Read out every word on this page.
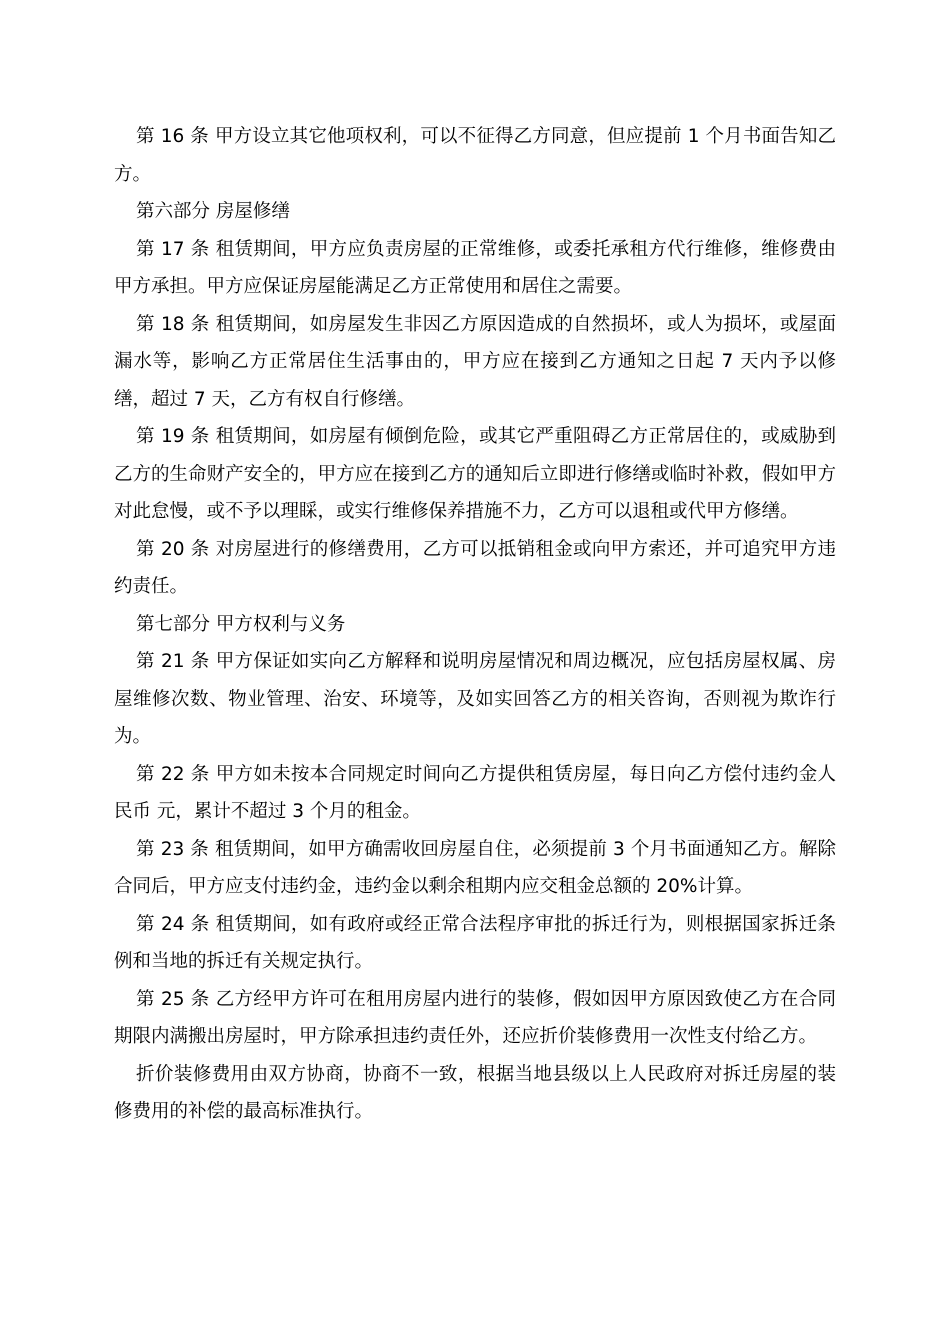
第 16 条 甲方设立其它他项权利，可以不征得乙方同意，但应提前 1 个月书面告知乙方。

第六部分 房屋修缮

第 17 条 租赁期间，甲方应负责房屋的正常维修，或委托承租方代行维修，维修费由甲方承担。甲方应保证房屋能满足乙方正常使用和居住之需要。

第 18 条 租赁期间，如房屋发生非因乙方原因造成的自然损坏，或人为损坏，或屋面漏水等，影响乙方正常居住生活事由的，甲方应在接到乙方通知之日起 7 天内予以修缮，超过 7 天，乙方有权自行修缮。

第 19 条 租赁期间，如房屋有倾倒危险，或其它严重阻碍乙方正常居住的，或威胁到乙方的生命财产安全的，甲方应在接到乙方的通知后立即进行修缮或临时补救，假如甲方对此怠慢，或不予以理睬，或实行维修保养措施不力，乙方可以退租或代甲方修缮。

第 20 条 对房屋进行的修缮费用，乙方可以抵销租金或向甲方索还，并可追究甲方违约责任。

第七部分 甲方权利与义务

第 21 条 甲方保证如实向乙方解释和说明房屋情况和周边概况，应包括房屋权属、房屋维修次数、物业管理、治安、环境等，及如实回答乙方的相关咨询，否则视为欺诈行为。

第 22 条 甲方如未按本合同规定时间向乙方提供租赁房屋，每日向乙方偿付违约金人民币 元，累计不超过 3 个月的租金。

第 23 条 租赁期间，如甲方确需收回房屋自住，必须提前 3 个月书面通知乙方。解除合同后，甲方应支付违约金，违约金以剩余租期内应交租金总额的 20%计算。

第 24 条 租赁期间，如有政府或经正常合法程序审批的拆迁行为，则根据国家拆迁条例和当地的拆迁有关规定执行。

第 25 条 乙方经甲方许可在租用房屋内进行的装修，假如因甲方原因致使乙方在合同期限内满搬出房屋时，甲方除承担违约责任外，还应折价装修费用一次性支付给乙方。

折价装修费用由双方协商，协商不一致，根据当地县级以上人民政府对拆迁房屋的装修费用的补偿的最高标准执行。
